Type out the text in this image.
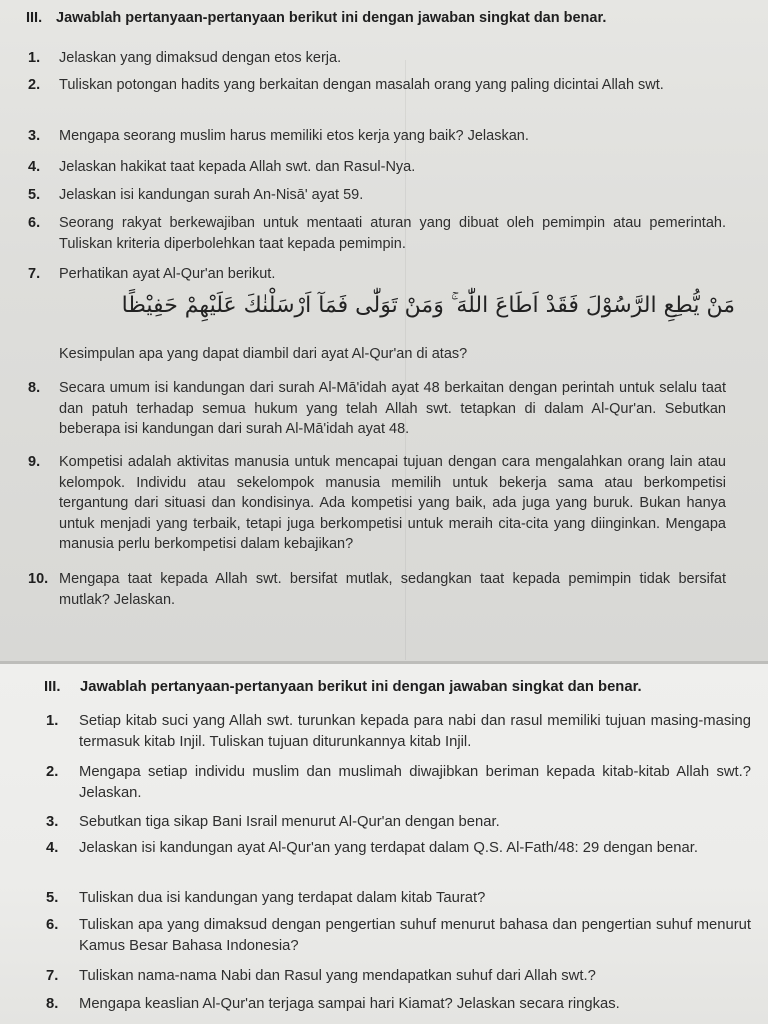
III. Jawablah pertanyaan-pertanyaan berikut ini dengan jawaban singkat dan benar.
1. Jelaskan yang dimaksud dengan etos kerja.
2. Tuliskan potongan hadits yang berkaitan dengan masalah orang yang paling dicintai Allah swt.
3. Mengapa seorang muslim harus memiliki etos kerja yang baik? Jelaskan.
4. Jelaskan hakikat taat kepada Allah swt. dan Rasul-Nya.
5. Jelaskan isi kandungan surah An-Nisā' ayat 59.
6. Seorang rakyat berkewajiban untuk mentaati aturan yang dibuat oleh pemimpin atau pemerintah. Tuliskan kriteria diperbolehkan taat kepada pemimpin.
7. Perhatikan ayat Al-Qur'an berikut.
مَنْ يُّطِعِ الرَّسُوْلَ فَقَدْ اَطَاعَ اللّٰهَ ۚ وَمَنْ تَوَلّٰى فَمَآ اَرْسَلْنٰكَ عَلَيْهِمْ حَفِيْظًا
Kesimpulan apa yang dapat diambil dari ayat Al-Qur'an di atas?
8. Secara umum isi kandungan dari surah Al-Mā'idah ayat 48 berkaitan dengan perintah untuk selalu taat dan patuh terhadap semua hukum yang telah Allah swt. tetapkan di dalam Al-Qur'an. Sebutkan beberapa isi kandungan dari surah Al-Mā'idah ayat 48.
9. Kompetisi adalah aktivitas manusia untuk mencapai tujuan dengan cara mengalahkan orang lain atau kelompok. Individu atau sekelompok manusia memilih untuk bekerja sama atau berkompetisi tergantung dari situasi dan kondisinya. Ada kompetisi yang baik, ada juga yang buruk. Bukan hanya untuk menjadi yang terbaik, tetapi juga berkompetisi untuk meraih cita-cita yang diinginkan. Mengapa manusia perlu berkompetisi dalam kebajikan?
10. Mengapa taat kepada Allah swt. bersifat mutlak, sedangkan taat kepada pemimpin tidak bersifat mutlak? Jelaskan.
III. Jawablah pertanyaan-pertanyaan berikut ini dengan jawaban singkat dan benar.
1. Setiap kitab suci yang Allah swt. turunkan kepada para nabi dan rasul memiliki tujuan masing-masing termasuk kitab Injil. Tuliskan tujuan diturunkannya kitab Injil.
2. Mengapa setiap individu muslim dan muslimah diwajibkan beriman kepada kitab-kitab Allah swt.? Jelaskan.
3. Sebutkan tiga sikap Bani Israil menurut Al-Qur'an dengan benar.
4. Jelaskan isi kandungan ayat Al-Qur'an yang terdapat dalam Q.S. Al-Fath/48: 29 dengan benar.
5. Tuliskan dua isi kandungan yang terdapat dalam kitab Taurat?
6. Tuliskan apa yang dimaksud dengan pengertian suhuf menurut bahasa dan pengertian suhuf menurut Kamus Besar Bahasa Indonesia?
7. Tuliskan nama-nama Nabi dan Rasul yang mendapatkan suhuf dari Allah swt.?
8. Mengapa keaslian Al-Qur'an terjaga sampai hari Kiamat? Jelaskan secara ringkas.
